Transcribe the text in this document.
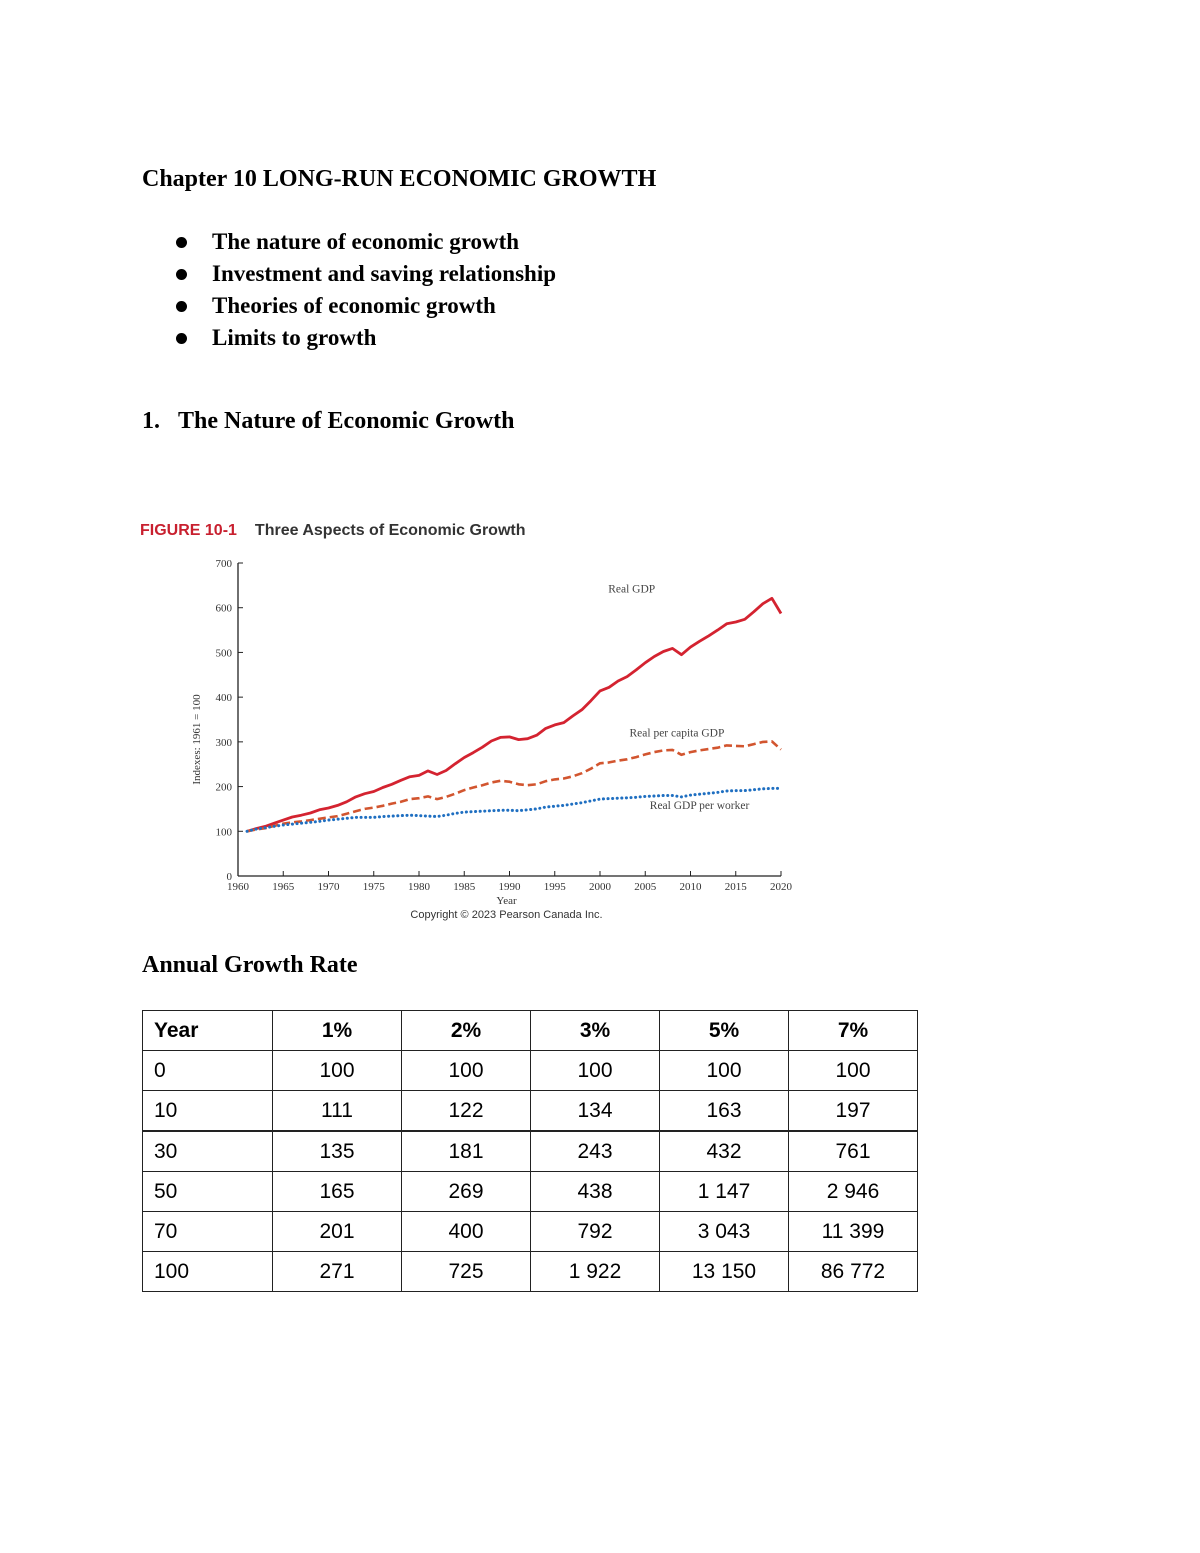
Chapter 10 LONG-RUN ECONOMIC GROWTH
The nature of economic growth
Investment and saving relationship
Theories of economic growth
Limits to growth
1. The Nature of Economic Growth
0
100
200
300
400
500
600
700
1960 1965 1970 1975 1980 1985 1990 1995 2000 2005 2010 2015 2020
Indexes: 1961 = 100
Year
Copyright © 2023 Pearson Canada Inc.
Real GDP
Real per capita GDP
Real GDP per worker
FIGURE 10-1 Three Aspects of Economic Growth
Annual Growth Rate
Year	1%	2%	3%	5%	7%
0	100	100	100	100	100
10	111	122	134	163	197
30	135	181	243	432	761
50	165	269	438	1 147	2 946
70	201	400	792	3 043	11 399
100	271	725	1 922	13 150	86 772
